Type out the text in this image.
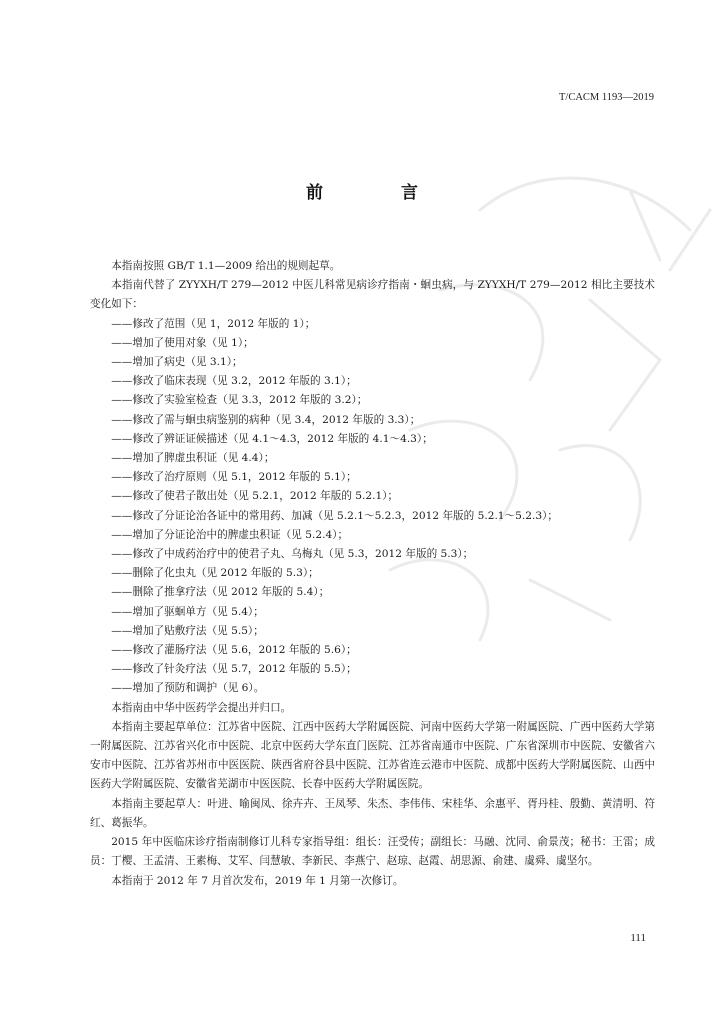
T/CACM 1193—2019
前 言

本指南按照 GB/T 1.1—2009 给出的规则起草。

本指南代替了 ZYYXH/T 279—2012 中医儿科常见病诊疗指南・蛔虫病，与 ZYYXH/T 279—2012 相比主要技术变化如下：

——修改了范围（见 1，2012 年版的 1）；

——增加了使用对象（见 1）；

——增加了病史（见 3.1）；

——修改了临床表现（见 3.2，2012 年版的 3.1）；

——修改了实验室检查（见 3.3，2012 年版的 3.2）；

——修改了需与蛔虫病鉴别的病种（见 3.4，2012 年版的 3.3）；

——修改了辨证证候描述（见 4.1～4.3，2012 年版的 4.1～4.3）；

——增加了脾虚虫积证（见 4.4）；

——修改了治疗原则（见 5.1，2012 年版的 5.1）；

——修改了使君子散出处（见 5.2.1，2012 年版的 5.2.1）；

——修改了分证论治各证中的常用药、加减（见 5.2.1～5.2.3，2012 年版的 5.2.1～5.2.3）；

——增加了分证论治中的脾虚虫积证（见 5.2.4）；

——修改了中成药治疗中的使君子丸、乌梅丸（见 5.3，2012 年版的 5.3）；

——删除了化虫丸（见 2012 年版的 5.3）；

——删除了推拿疗法（见 2012 年版的 5.4）；

——增加了驱蛔单方（见 5.4）；

——增加了贴敷疗法（见 5.5）；

——修改了灌肠疗法（见 5.6，2012 年版的 5.6）；

——修改了针灸疗法（见 5.7，2012 年版的 5.5）；

——增加了预防和调护（见 6）。

本指南由中华中医药学会提出并归口。

本指南主要起草单位：江苏省中医院、江西中医药大学附属医院、河南中医药大学第一附属医院、广西中医药大学第一附属医院、江苏省兴化市中医院、北京中医药大学东直门医院、江苏省南通市中医院、广东省深圳市中医院、安徽省六安市中医院、江苏省苏州市中医医院、陕西省府谷县中医院、江苏省连云港市中医院、成都中医药大学附属医院、山西中医药大学附属医院、安徽省芜湖市中医医院、长春中医药大学附属医院。

本指南主要起草人：叶进、喻闽凤、徐卉卉、王凤琴、朱杰、李伟伟、宋桂华、余惠平、胥丹桂、殷勤、黄清明、符红、葛振华。

2015 年中医临床诊疗指南制修订儿科专家指导组：组长：汪受传；副组长：马融、沈同、俞景茂；秘书：王雷；成员：丁樱、王孟清、王素梅、艾军、闫慧敏、李新民、李燕宁、赵琼、赵霞、胡思源、俞建、虞舜、虞坚尔。

本指南于 2012 年 7 月首次发布，2019 年 1 月第一次修订。

111
